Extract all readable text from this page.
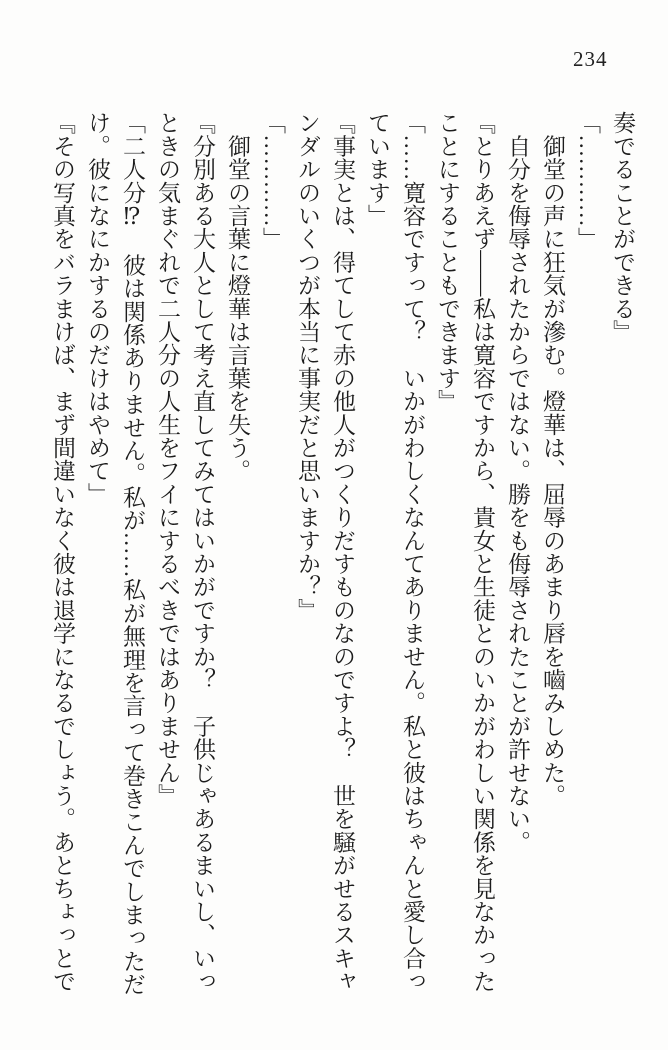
234
奏でることができる』
「…………」
　御堂の声に狂気が滲む。燈華は、屈辱のあまり唇を嚙みしめた。
　自分を侮辱されたからではない。勝をも侮辱されたことが許せない。
『とりあえず――私は寛容ですから、貴女と生徒とのいかがわしい関係を見なかった
ことにすることもできます』
「……寛容ですって？　いかがわしくなんてありません。私と彼はちゃんと愛し合っ
ています」
『事実とは、得てして赤の他人がつくりだすものなのですよ？　世を騒がせるスキャ
ンダルのいくつが本当に事実だと思いますか？』
「…………」
　御堂の言葉に燈華は言葉を失う。
『分別ある大人として考え直してみてはいかがですか？　子供じゃあるまいし、いっ
ときの気まぐれで二人分の人生をフイにするべきではありません』
「二人分⁉　彼は関係ありません。私が……私が無理を言って巻きこんでしまっただ
け。彼になにかするのだけはやめて」
『その写真をバラまけば、まず間違いなく彼は退学になるでしょう。あとちょっとで
